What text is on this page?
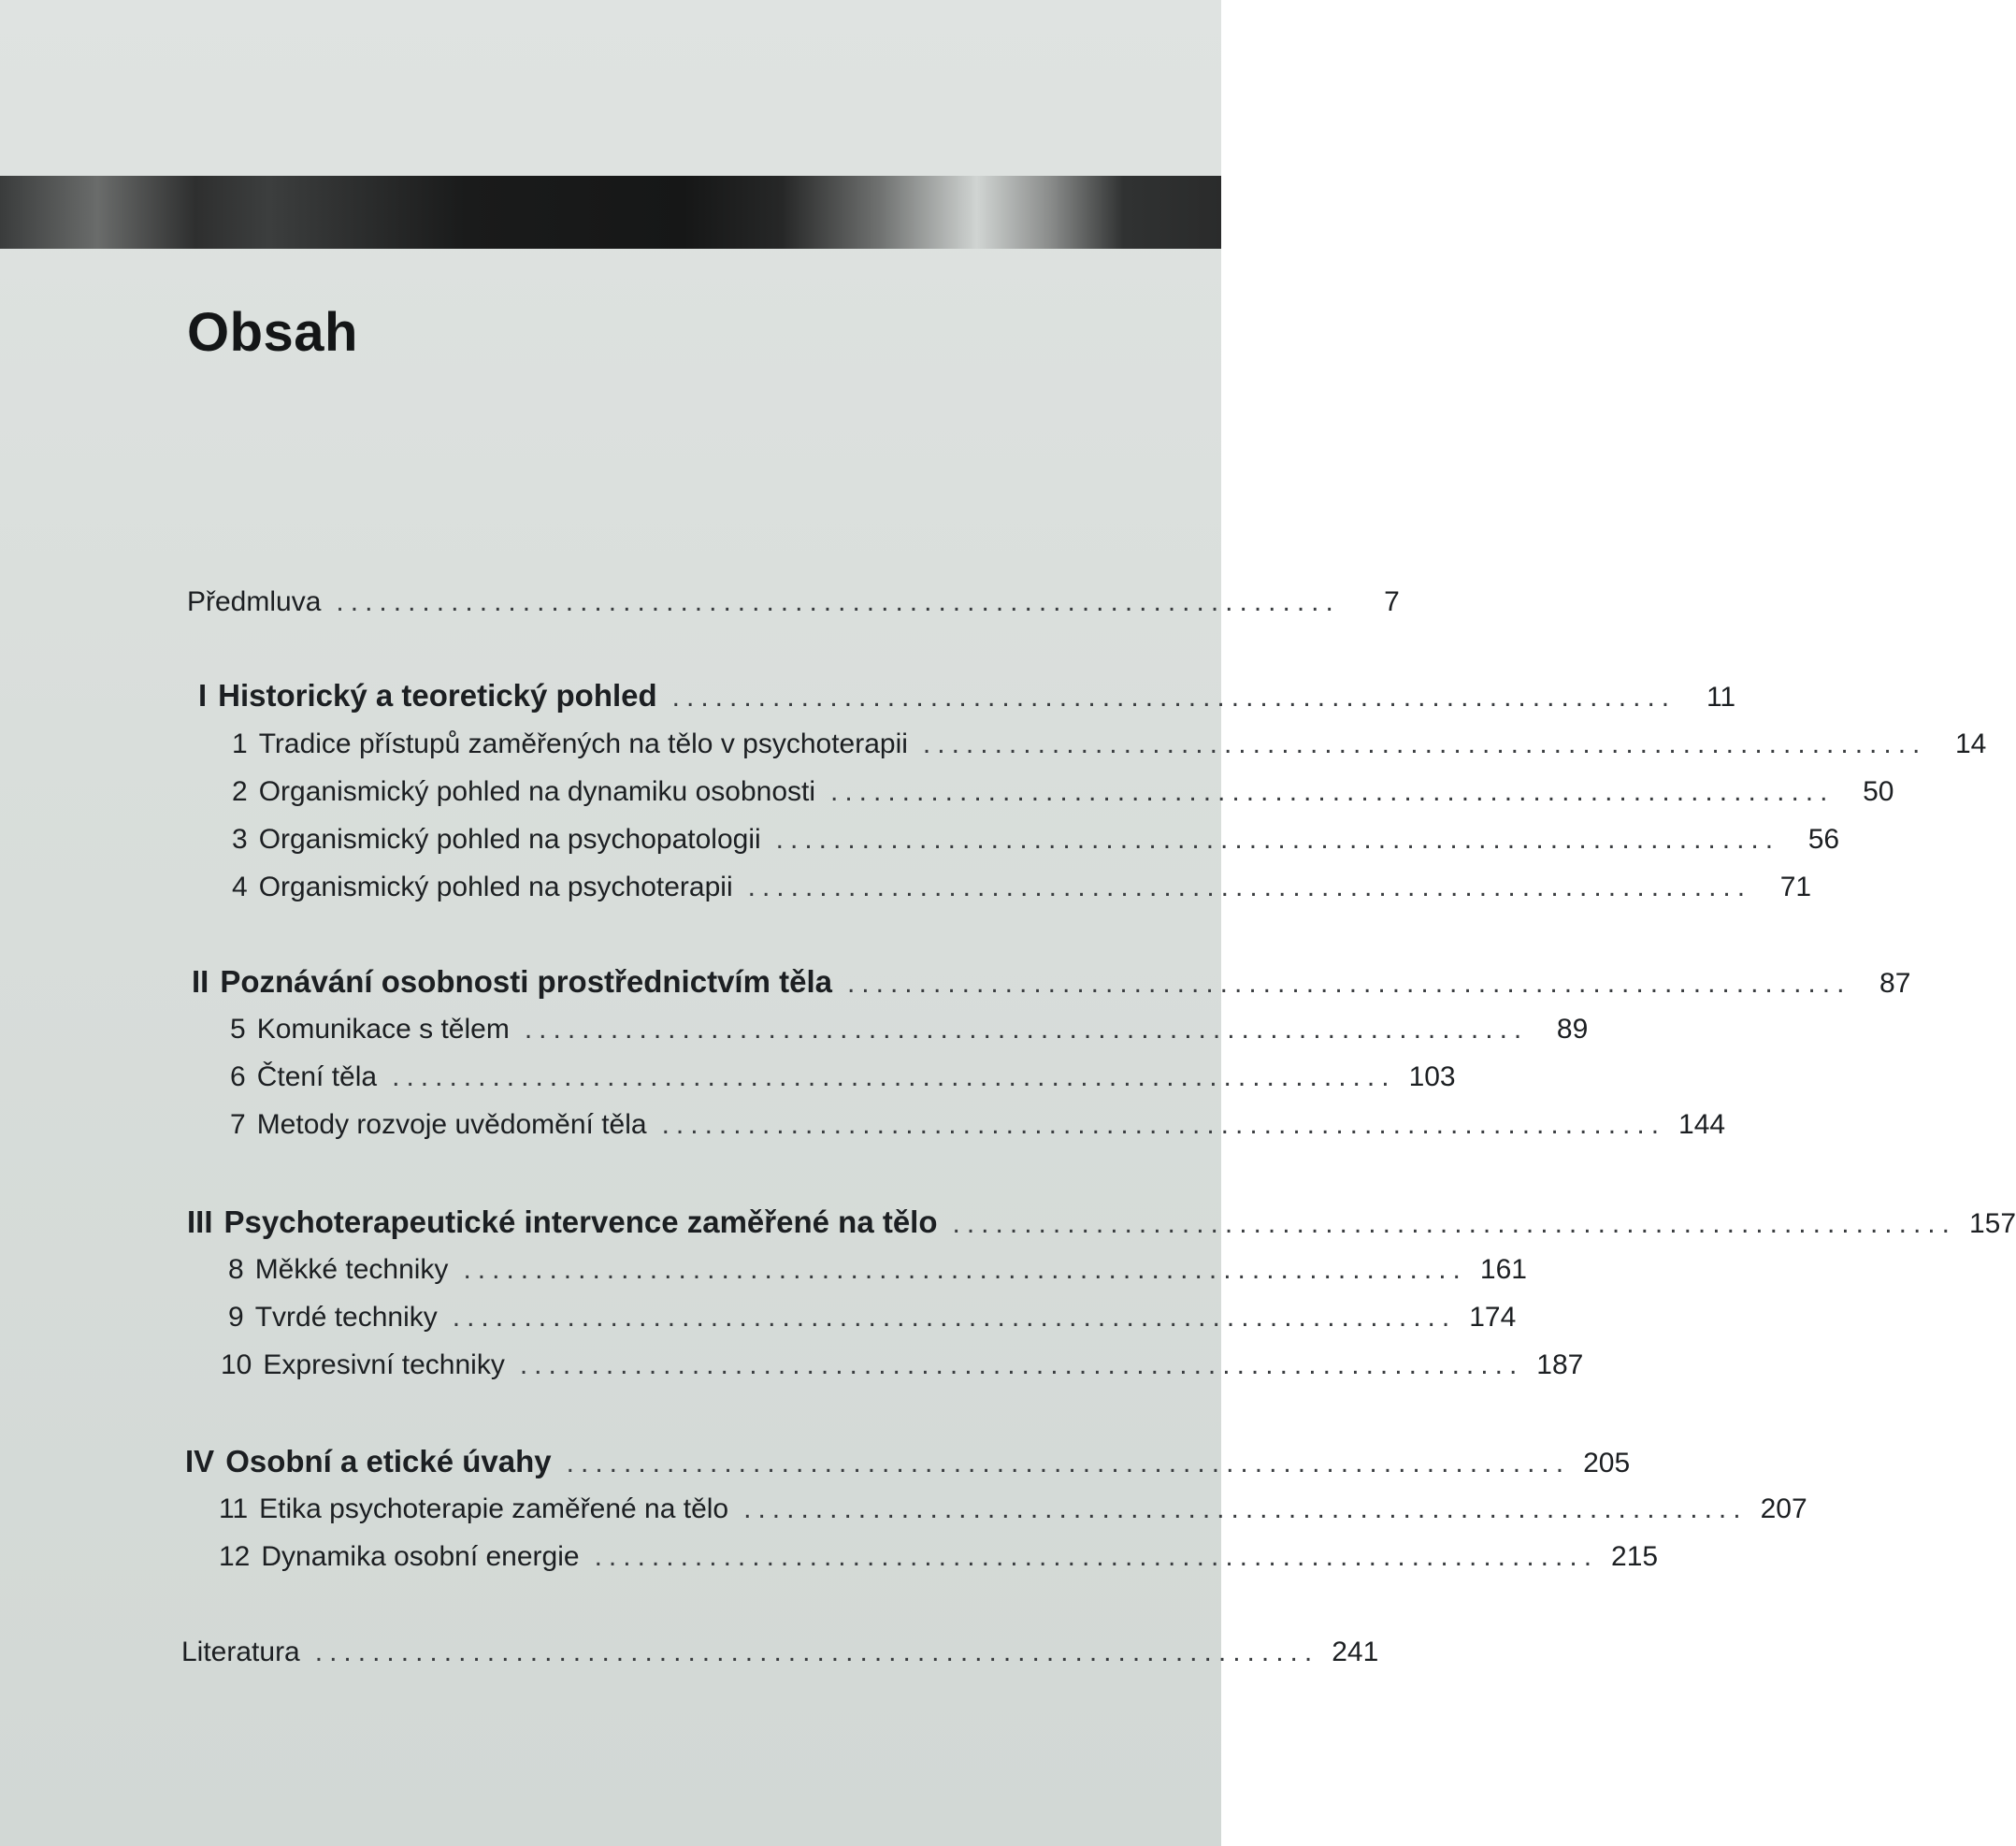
Obsah
Předmluva ......................................................................	7
I Historický a teoretický pohled ......................................................................	11
1 Tradice přístupů zaměřených na tělo v psychoterapii ......................................................................	14
2 Organismický pohled na dynamiku osobnosti ......................................................................	50
3 Organismický pohled na psychopatologii ......................................................................	56
4 Organismický pohled na psychoterapii ......................................................................	71
II Poznávání osobnosti prostřednictvím těla ......................................................................	87
5 Komunikace s tělem ......................................................................	89
6 Čtení těla ...................................................................... 103
7 Metody rozvoje uvědomění těla ...................................................................... 144
III Psychoterapeutické intervence zaměřené na tělo ...................................................................... 157
8 Měkké techniky ...................................................................... 161
9 Tvrdé techniky ...................................................................... 174
10 Expresivní techniky ...................................................................... 187
IV Osobní a etické úvahy ...................................................................... 205
11 Etika psychoterapie zaměřené na tělo ...................................................................... 207
12 Dynamika osobní energie ...................................................................... 215
Literatura ...................................................................... 241
